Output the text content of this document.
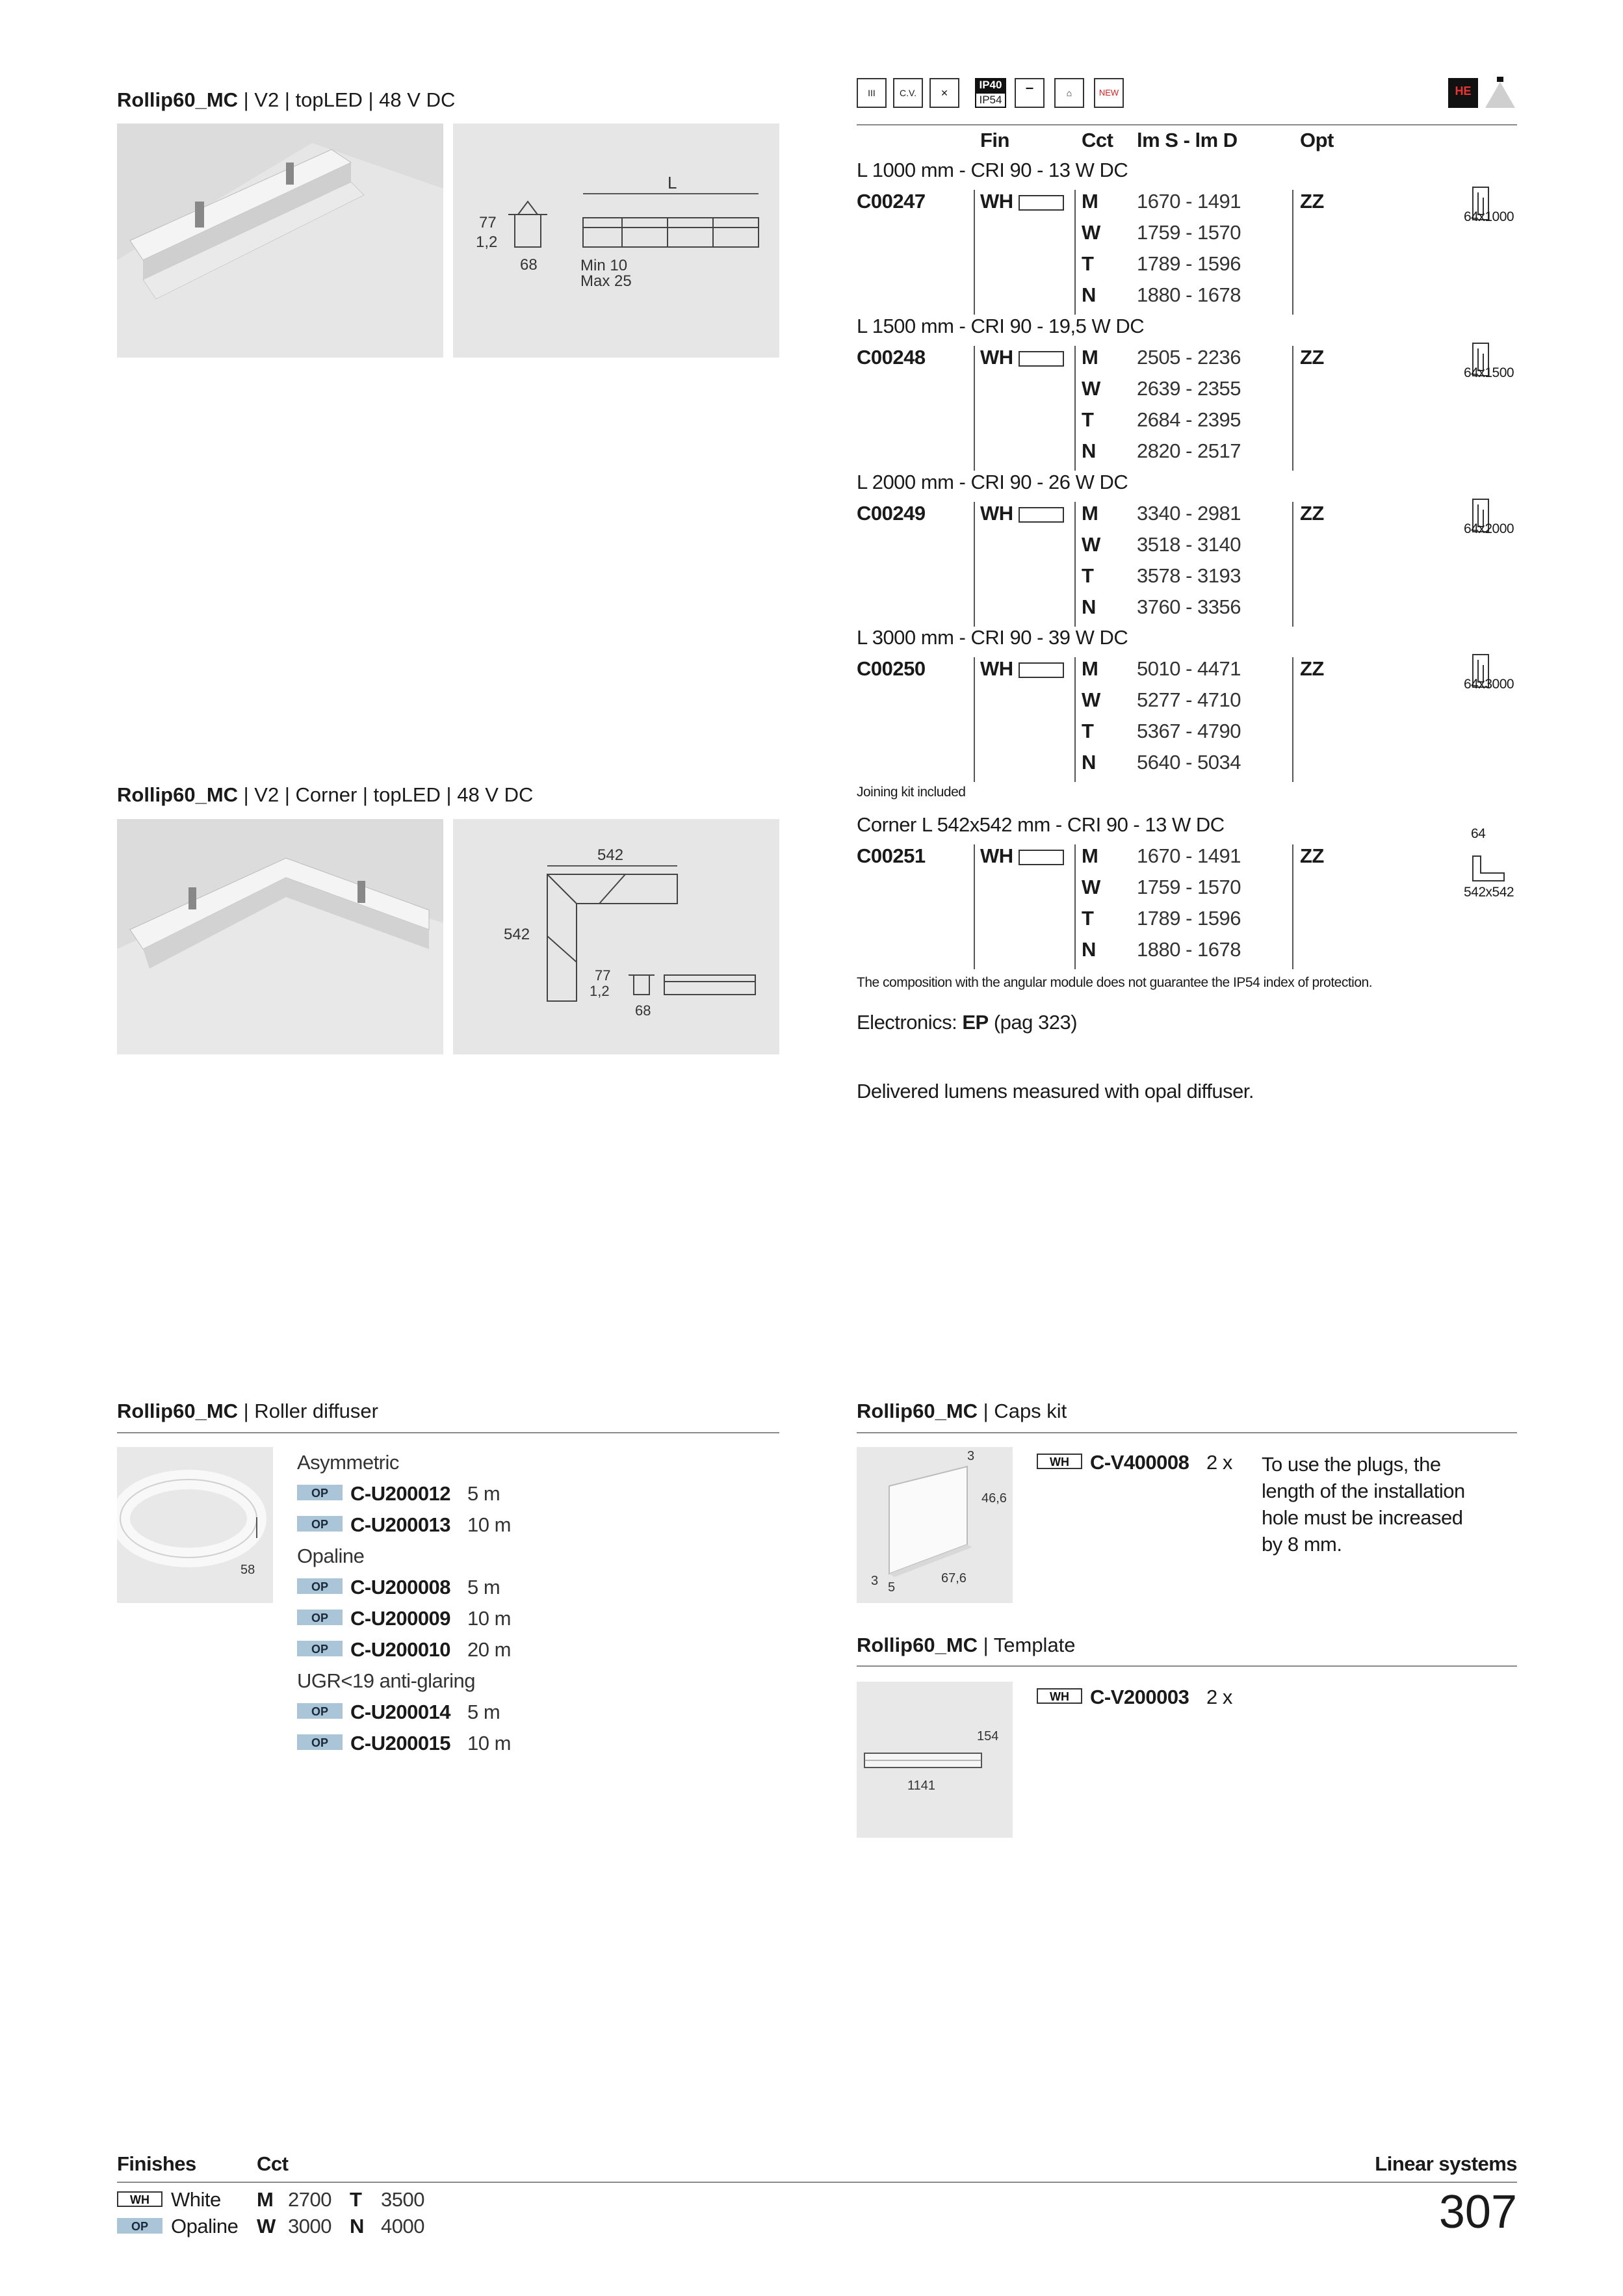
Rollip60_MC | V2 | topLED | 48 V DC
L
77
1,2
68	Min 10
Max 25
Rollip60_MC | V2 | Corner | topLED | 48 V DC
542
542
77
1,2
68
III	C.V.	✕
IP40
IP54
▔	⌂	NEW	HE
Fin	Cct lm S - lm D	Opt
L 1000 mm - CRI 90 - 13 W DC
C00247	WH	ZZ
M 1670 - 1491
W 1759 - 1570
T 1789 - 1596
N 1880 - 1678
64x1000
L 1500 mm - CRI 90 - 19,5 W DC
C00248	WH	ZZ
M 2505 - 2236
W 2639 - 2355
T 2684 - 2395
N 2820 - 2517
64x1500
L 2000 mm - CRI 90 - 26 W DC
C00249	WH	ZZ
M 3340 - 2981
W 3518 - 3140
T 3578 - 3193
N 3760 - 3356
64x2000
L 3000 mm - CRI 90 - 39 W DC
C00250	WH	ZZ
M 5010 - 4471
W 5277 - 4710
T 5367 - 4790
N 5640 - 5034
64x3000
Joining kit included
Corner L 542x542 mm - CRI 90 - 13 W DC
C00251	WH	ZZ
M 1670 - 1491
W 1759 - 1570
T 1789 - 1596
N 1880 - 1678
64
542x542
The composition with the angular module does not guarantee the IP54 index of protection.
Electronics: EP (pag 323)
Delivered lumens measured with opal diffuser.
Rollip60_MC | Roller diffuser
58
Asymmetric
OP	C-U200012 5 m
OP	C-U200013 10 m
Opaline
OP	C-U200008 5 m
OP	C-U200009 10 m
OP	C-U200010 20 m
UGR<19 anti-glaring
OP	C-U200014 5 m
OP	C-U200015 10 m
Rollip60_MC | Caps kit
3
46,6
67,6
3 5
WH	C-V400008 2 x To use the plugs, the
length of the installation
hole must be increased
by 8 mm.
Rollip60_MC | Template
154
1141
WH	C-V200003 2 x
Finishes	Cct	Linear systems
WH	White
OP	Opaline
M 2700 T 3500
W 3000 N 4000	307
